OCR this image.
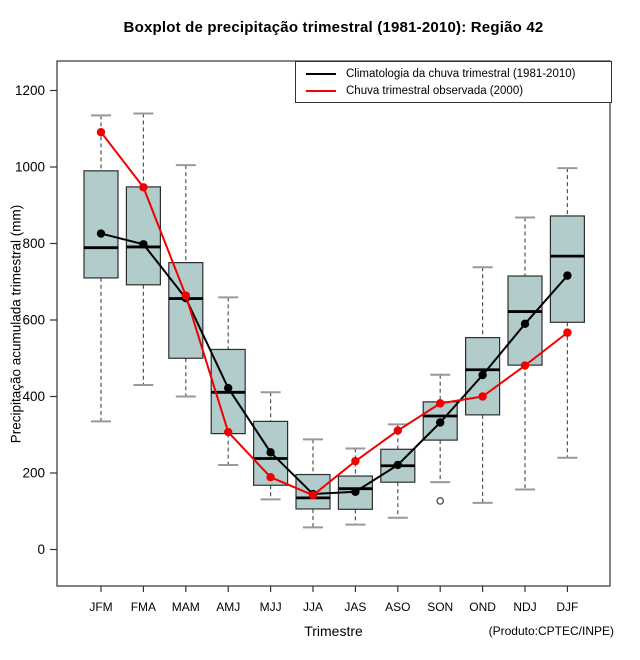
Boxplot de precipitação trimestral (1981-2010): Região 42
0
200
400
600
800
1000
1200
JFM FMA MAM AMJ MJJ JJA JAS ASO SON OND NDJ DJF
Climatologia da chuva trimestral (1981-2010)
Chuva trimestral observada (2000)
Trimestre
Precipitação acumulada trimestral (mm)
(Produto:CPTEC/INPE)
